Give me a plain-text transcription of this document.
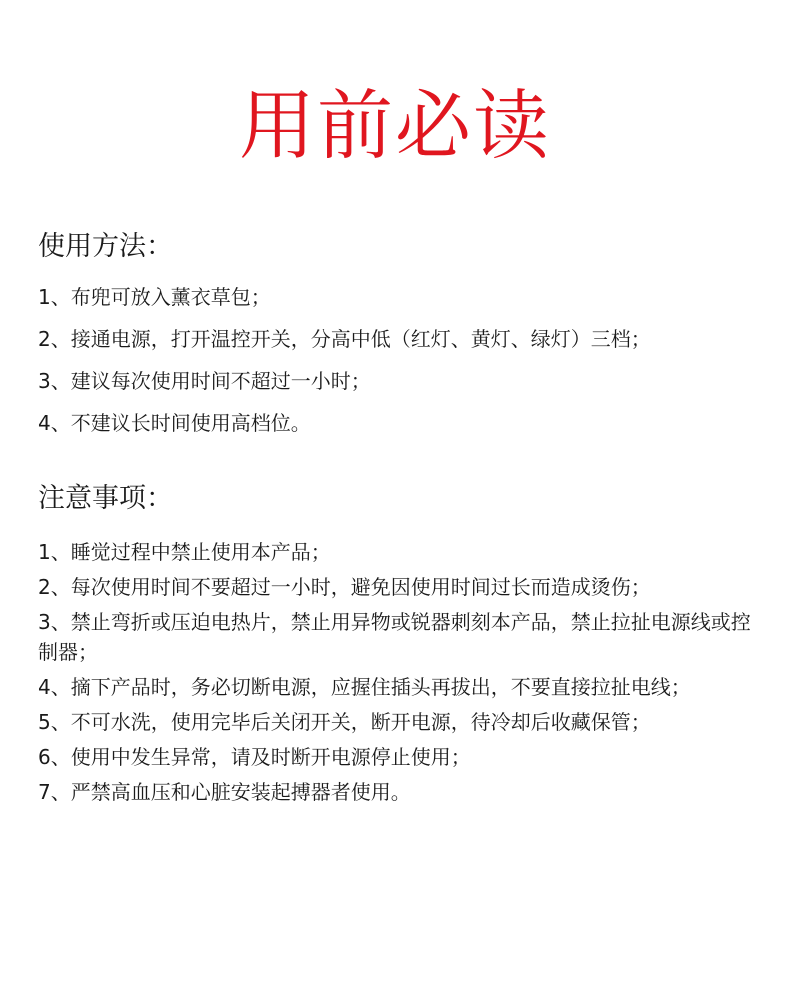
用前必读
使用方法：
1、布兜可放入薰衣草包；
2、接通电源，打开温控开关，分高中低（红灯、黄灯、绿灯）三档；
3、建议每次使用时间不超过一小时；
4、不建议长时间使用高档位。
注意事项：
1、睡觉过程中禁止使用本产品；
2、每次使用时间不要超过一小时，避免因使用时间过长而造成烫伤；
3、禁止弯折或压迫电热片，禁止用异物或锐器刺刻本产品，禁止拉扯电源线或控制器；
4、摘下产品时，务必切断电源，应握住插头再拔出，不要直接拉扯电线；
5、不可水洗，使用完毕后关闭开关，断开电源，待冷却后收藏保管；
6、使用中发生异常，请及时断开电源停止使用；
7、严禁高血压和心脏安装起搏器者使用。
